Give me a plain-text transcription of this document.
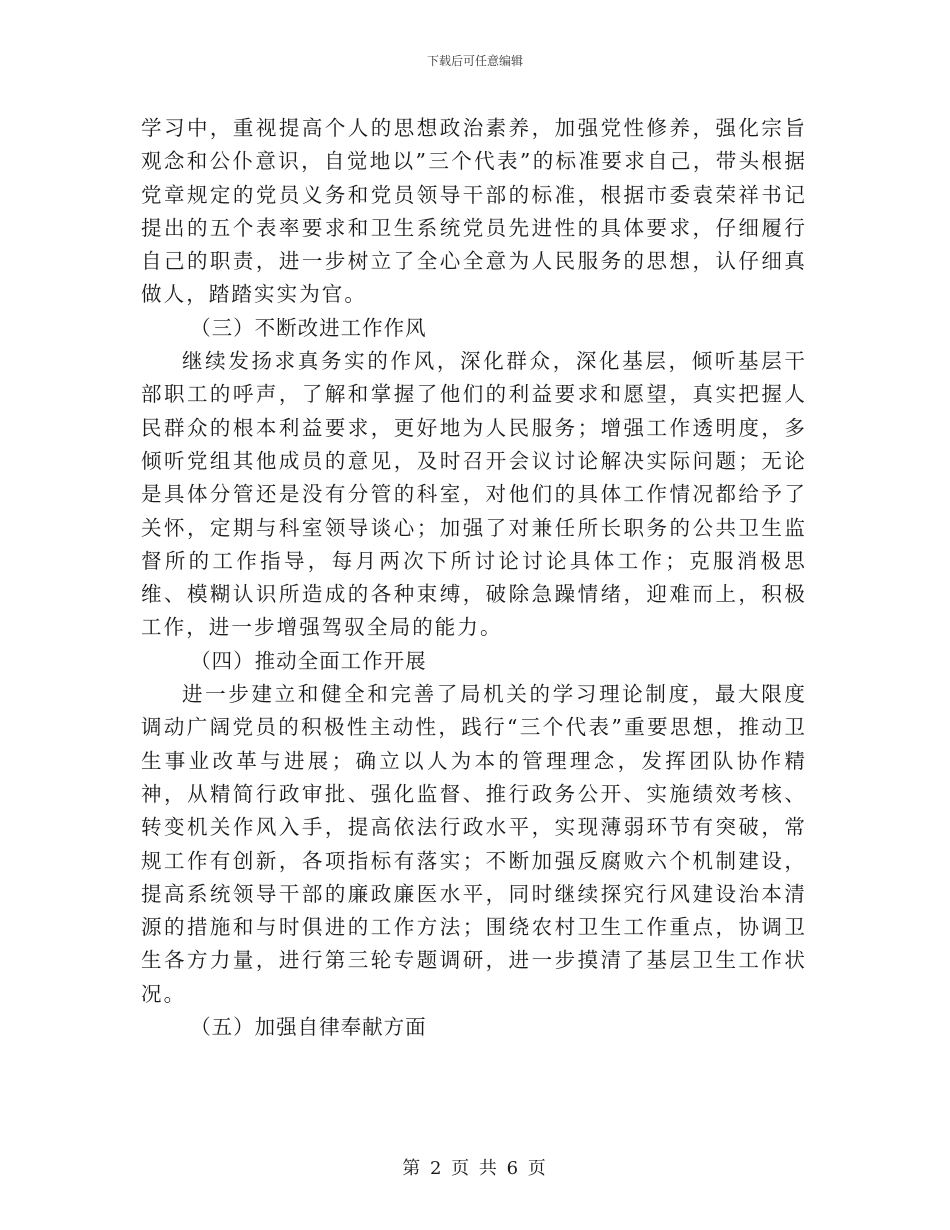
下载后可任意编辑

学习中，重视提高个人的思想政治素养，加强党性修养，强化宗旨观念和公仆意识，自觉地以”三个代表”的标准要求自己，带头根据党章规定的党员义务和党员领导干部的标准，根据市委袁荣祥书记提出的五个表率要求和卫生系统党员先进性的具体要求，仔细履行自己的职责，进一步树立了全心全意为人民服务的思想，认仔细真做人，踏踏实实为官。

（三）不断改进工作作风

继续发扬求真务实的作风，深化群众，深化基层，倾听基层干部职工的呼声，了解和掌握了他们的利益要求和愿望，真实把握人民群众的根本利益要求，更好地为人民服务；增强工作透明度，多倾听党组其他成员的意见，及时召开会议讨论解决实际问题；无论是具体分管还是没有分管的科室，对他们的具体工作情况都给予了关怀，定期与科室领导谈心；加强了对兼任所长职务的公共卫生监督所的工作指导，每月两次下所讨论讨论具体工作；克服消极思维、模糊认识所造成的各种束缚，破除急躁情绪，迎难而上，积极工作，进一步增强驾驭全局的能力。

（四）推动全面工作开展

进一步建立和健全和完善了局机关的学习理论制度，最大限度调动广阔党员的积极性主动性，践行“三个代表”重要思想，推动卫生事业改革与进展；确立以人为本的管理理念，发挥团队协作精神，从精简行政审批、强化监督、推行政务公开、实施绩效考核、转变机关作风入手，提高依法行政水平，实现薄弱环节有突破，常规工作有创新，各项指标有落实；不断加强反腐败六个机制建设，提高系统领导干部的廉政廉医水平，同时继续探究行风建设治本清源的措施和与时俱进的工作方法；围绕农村卫生工作重点，协调卫生各方力量，进行第三轮专题调研，进一步摸清了基层卫生工作状况。

（五）加强自律奉献方面

第 2 页 共 6 页
